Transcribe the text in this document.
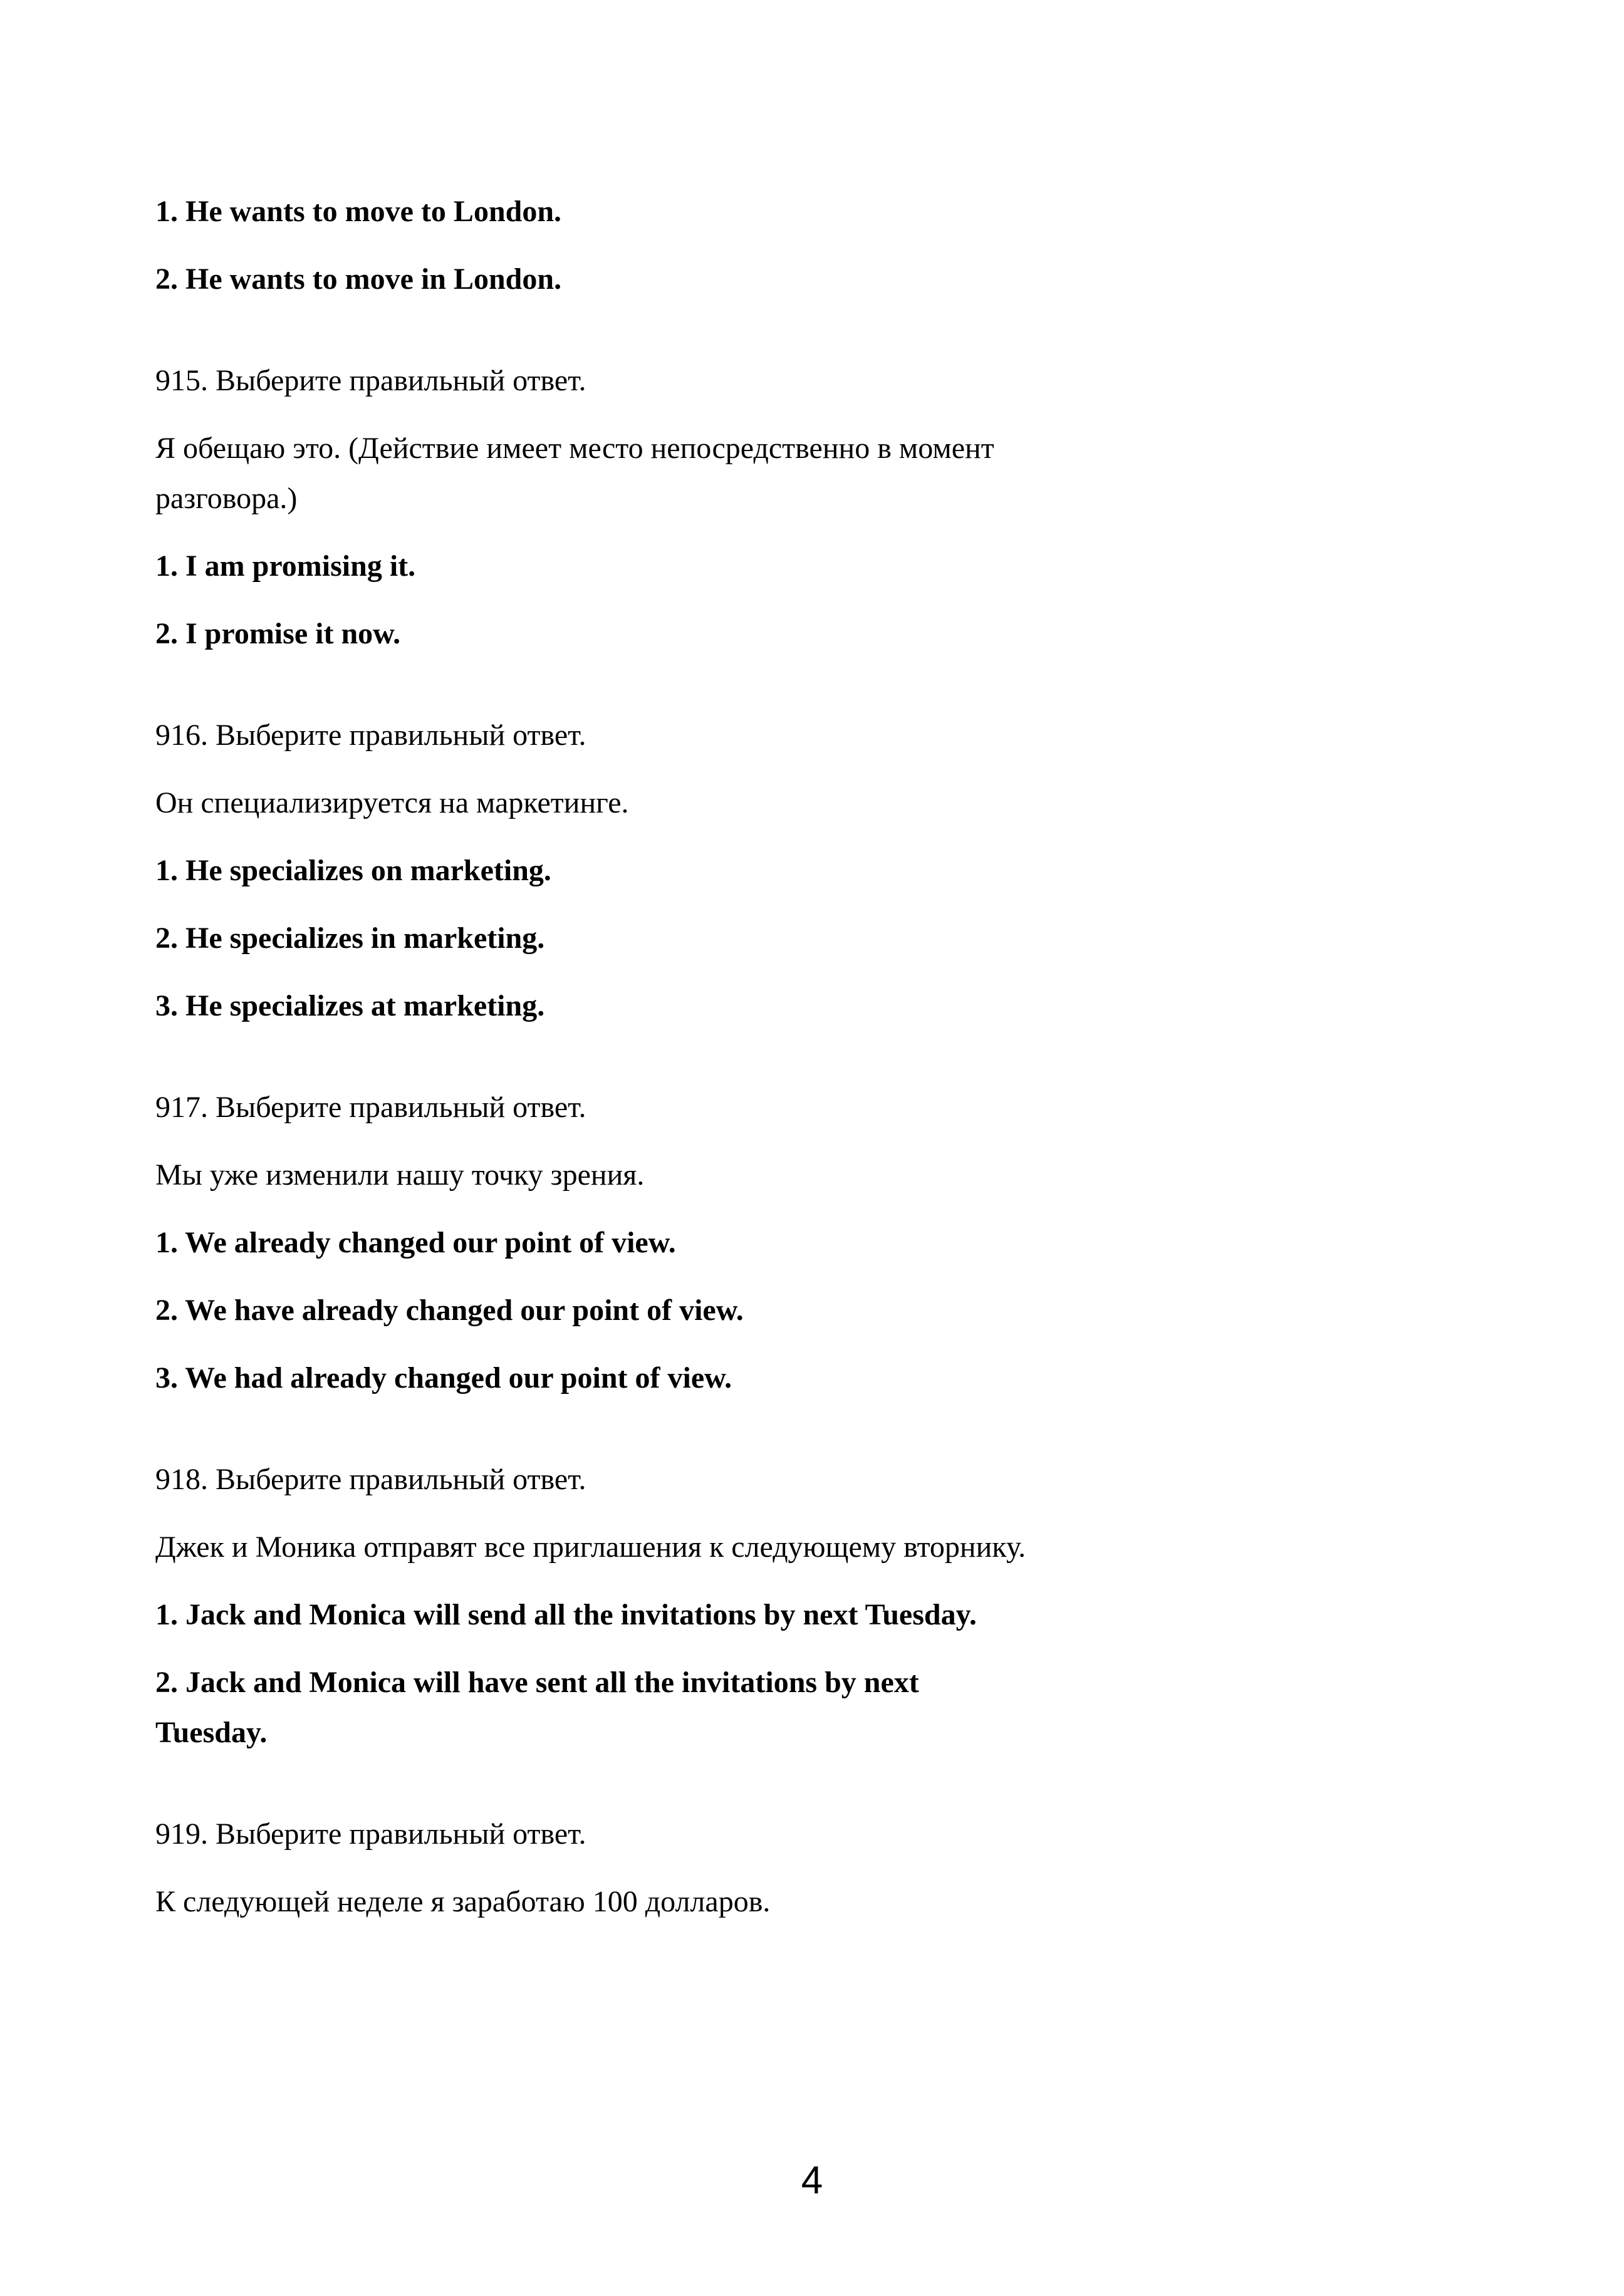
1. He wants to move to London.

2. He wants to move in London.

915. Выберите правильный ответ.

Я обещаю это. (Действие имеет место непосредственно в момент
разговора.)

1. I am promising it.

2. I promise it now.

916. Выберите правильный ответ.

Он специализируется на маркетинге.

1. He specializes on marketing.

2. He specializes in marketing.

3. He specializes at marketing.

917. Выберите правильный ответ.

Мы уже изменили нашу точку зрения.

1. We already changed our point of view.

2. We have already changed our point of view.

3. We had already changed our point of view.

918. Выберите правильный ответ.

Джек и Моника отправят все приглашения к следующему вторнику.

1. Jack and Monica will send all the invitations by next Tuesday.

2. Jack and Monica will have sent all the invitations by next
Tuesday.

919. Выберите правильный ответ.

К следующей неделе я заработаю 100 долларов.

4
